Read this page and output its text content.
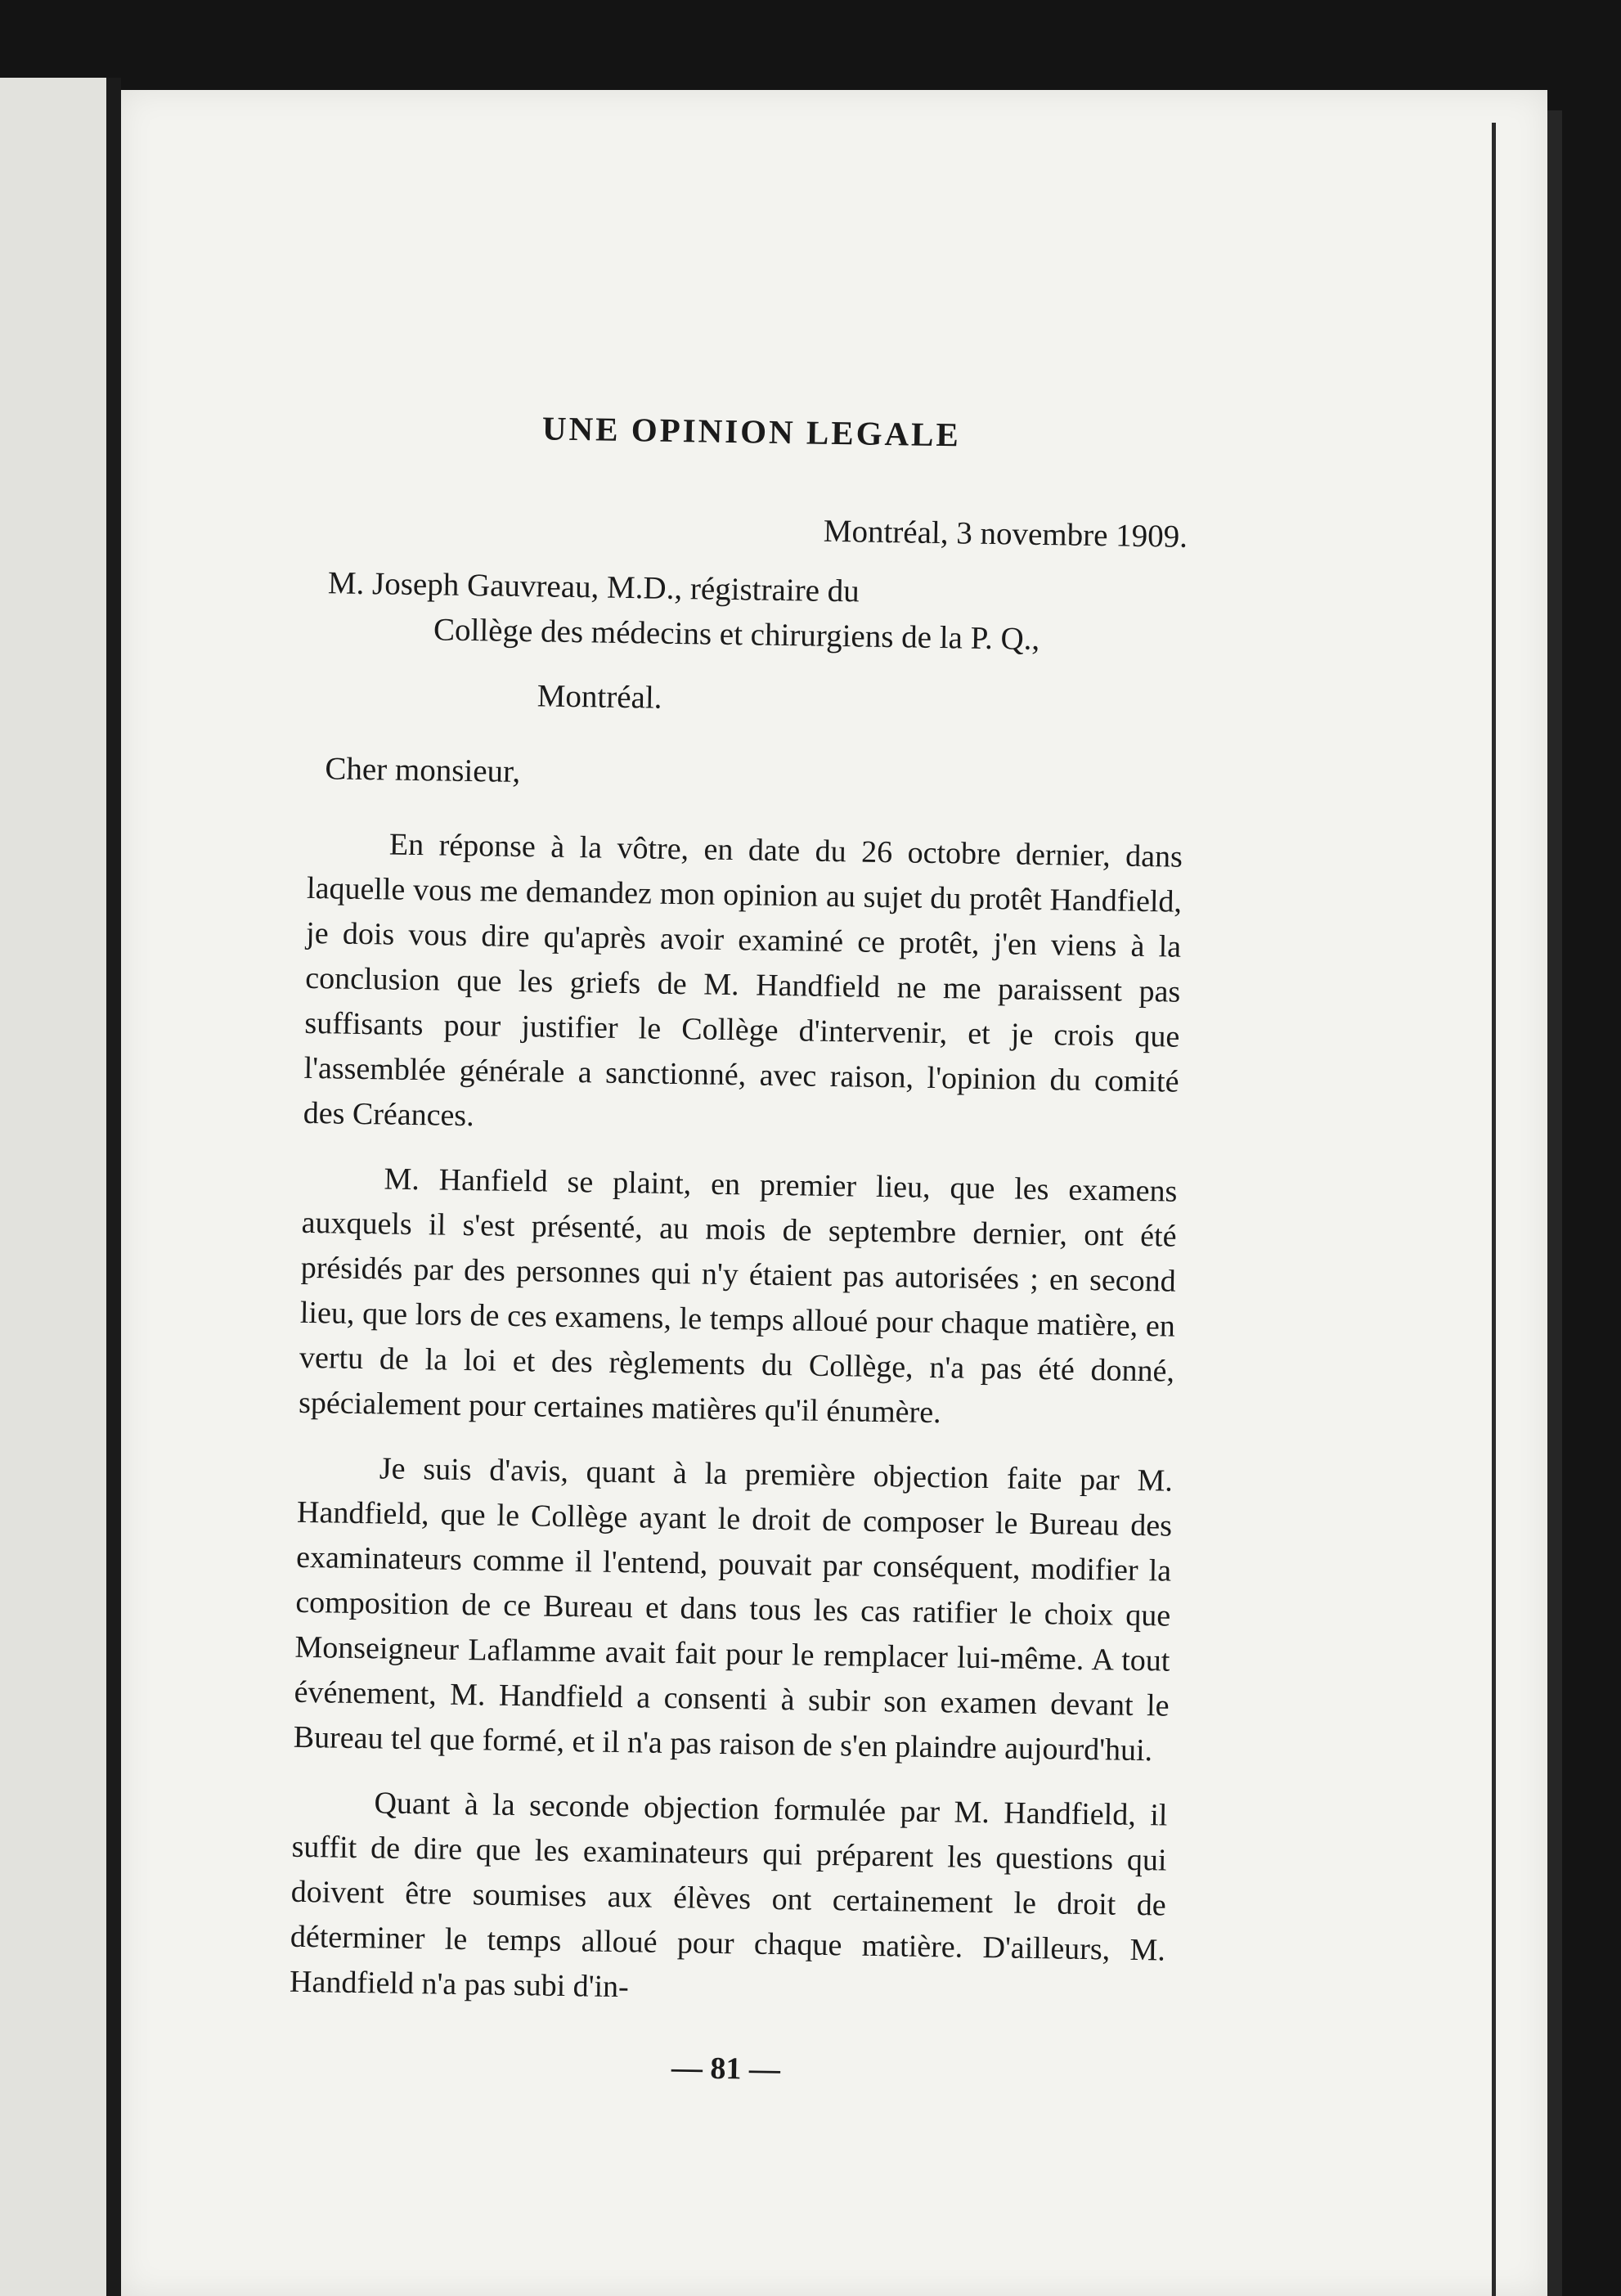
UNE OPINION LEGALE
Montréal, 3 novembre 1909.
M. Joseph Gauvreau, M.D., régistraire du
Collège des médecins et chirurgiens de la P. Q.,
Montréal.
Cher monsieur,

En réponse à la vôtre, en date du 26 octobre dernier, dans laquelle vous me demandez mon opinion au sujet du protêt Handfield, je dois vous dire qu'après avoir examiné ce protêt, j'en viens à la conclusion que les griefs de M. Handfield ne me paraissent pas suffisants pour justifier le Collège d'intervenir, et je crois que l'assemblée générale a sanctionné, avec raison, l'opinion du comité des Créances.

M. Hanfield se plaint, en premier lieu, que les examens auxquels il s'est présenté, au mois de septembre dernier, ont été présidés par des personnes qui n'y étaient pas autorisées ; en second lieu, que lors de ces examens, le temps alloué pour chaque matière, en vertu de la loi et des règlements du Collège, n'a pas été donné, spécialement pour certaines matières qu'il énumère.

Je suis d'avis, quant à la première objection faite par M. Handfield, que le Collège ayant le droit de composer le Bureau des examinateurs comme il l'entend, pouvait par conséquent, modifier la composition de ce Bureau et dans tous les cas ratifier le choix que Monseigneur Laflamme avait fait pour le remplacer lui-même. A tout événement, M. Handfield a consenti à subir son examen devant le Bureau tel que formé, et il n'a pas raison de s'en plaindre aujourd'hui.

Quant à la seconde objection formulée par M. Handfield, il suffit de dire que les examinateurs qui préparent les questions qui doivent être soumises aux élèves ont certainement le droit de déterminer le temps alloué pour chaque matière. D'ailleurs, M. Handfield n'a pas subi d'in-

— 81 —
